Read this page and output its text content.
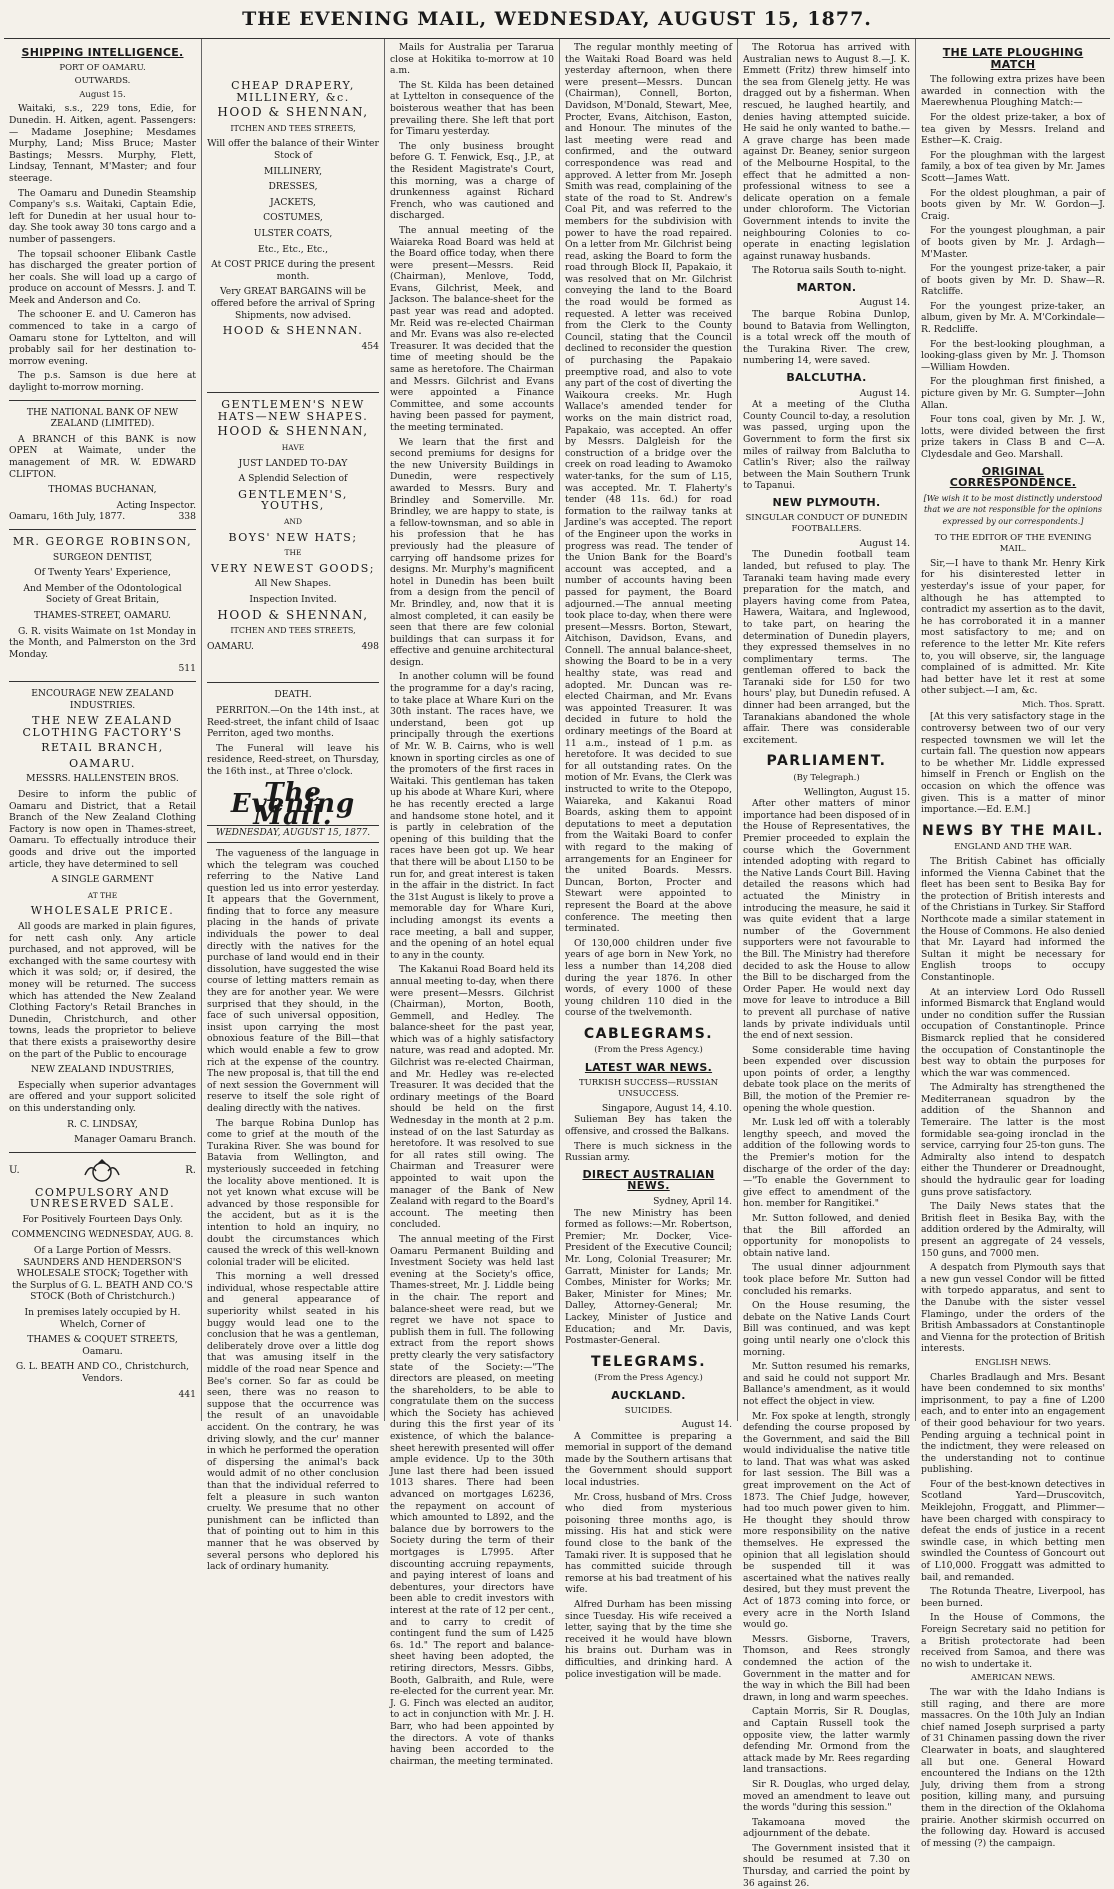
THE EVENING MAIL, WEDNESDAY, AUGUST 15, 1877.
SHIPPING INTELLIGENCE.
PORT OF OAMARU.
OUTWARDS.
August 15.

Waitaki, s.s., 229 tons, Edie, for Dunedin. H. Aitken, agent. Passengers:— Madame Josephine; Mesdames Murphy, Land; Miss Bruce; Master Bastings; Messrs. Murphy, Flett, Lindsay, Tennant, M'Master; and four steerage.

The Oamaru and Dunedin Steamship Company's s.s. Waitaki, Captain Edie, left for Dunedin at her usual hour to-day. She took away 30 tons cargo and a number of passengers.

The topsail schooner Elibank Castle has discharged the greater portion of her coals. She will load up a cargo of produce on account of Messrs. J. and T. Meek and Anderson and Co.

The schooner E. and U. Cameron has commenced to take in a cargo of Oamaru stone for Lyttelton, and will probably sail for her destination to-morrow evening.

The p.s. Samson is due here at daylight to-morrow morning.

THE NATIONAL BANK OF NEW ZEALAND (LIMITED).

A BRANCH of this BANK is now OPEN at Waimate, under the management of MR. W. EDWARD CLIFTON.

THOMAS BUCHANAN,
Acting Inspector.
Oamaru, 16th July, 1877.	338
MR. GEORGE ROBINSON,
SURGEON DENTIST,
Of Twenty Years' Experience,
And Member of the Odontological Society of Great Britain,
THAMES-STREET, OAMARU.

G. R. visits Waimate on 1st Monday in the Month, and Palmerston on the 3rd Monday.

511
ENCOURAGE NEW ZEALAND INDUSTRIES.
THE NEW ZEALAND CLOTHING FACTORY'S
RETAIL BRANCH,
OAMARU.
MESSRS. HALLENSTEIN BROS.

Desire to inform the public of Oamaru and District, that a Retail Branch of the New Zealand Clothing Factory is now open in Thames-street, Oamaru. To effectually introduce their goods and drive out the imported article, they have determined to sell

A SINGLE GARMENT
AT THE
WHOLESALE PRICE.

All goods are marked in plain figures, for nett cash only. Any article purchased, and not approved, will be exchanged with the same courtesy with which it was sold; or, if desired, the money will be returned. The success which has attended the New Zealand Clothing Factory's Retail Branches in Dunedin, Christchurch, and other towns, leads the proprietor to believe that there exists a praiseworthy desire on the part of the Public to encourage

NEW ZEALAND INDUSTRIES,

Especially when superior advantages are offered and your support solicited on this understanding only.

R. C. LINDSAY,
Manager Oamaru Branch.
U.	R.
COMPULSORY AND UNRESERVED SALE.
For Positively Fourteen Days Only.
COMMENCING WEDNESDAY, AUG. 8.
Of a Large Portion of Messrs. SAUNDERS AND HENDERSON'S WHOLESALE STOCK; Together with the Surplus of G. L. BEATH AND CO.'S STOCK (Both of Christchurch.)
In premises lately occupied by H. Whelch, Corner of
THAMES & COQUET STREETS, Oamaru.
G. L. BEATH AND CO., Christchurch, Vendors.
441
CHEAP DRAPERY, MILLINERY, &c.
HOOD & SHENNAN,
ITCHEN AND TEES STREETS,
Will offer the balance of their Winter Stock of
MILLINERY,
DRESSES,
JACKETS,
COSTUMES,
ULSTER COATS,
Etc., Etc., Etc.,
At COST PRICE during the present month.
Very GREAT BARGAINS will be offered before the arrival of Spring Shipments, now advised.
HOOD & SHENNAN.
454
GENTLEMEN'S NEW HATS—NEW SHAPES.
HOOD & SHENNAN,
HAVE
JUST LANDED TO-DAY
A Splendid Selection of
GENTLEMEN'S, YOUTHS,
AND
BOYS' NEW HATS;
THE
VERY NEWEST GOODS;
All New Shapes.
Inspection Invited.
HOOD & SHENNAN,
ITCHEN AND TEES STREETS,
OAMARU.	498
DEATH.

PERRITON.—On the 14th inst., at Reed-street, the infant child of Isaac Perriton, aged two months.

The Funeral will leave his residence, Reed-street, on Thursday, the 16th inst., at Three o'clock.

The Evening Mail.
WEDNESDAY, AUGUST 15, 1877.

The vagueness of the language in which the telegram was couched referring to the Native Land question led us into error yesterday. It appears that the Government, finding that to force any measure placing in the hands of private individuals the power to deal directly with the natives for the purchase of land would end in their dissolution, have suggested the wise course of letting matters remain as they are for another year. We were surprised that they should, in the face of such universal opposition, insist upon carrying the most obnoxious feature of the Bill—that which would enable a few to grow rich at the expense of the country. The new proposal is, that till the end of next session the Government will reserve to itself the sole right of dealing directly with the natives.

The barque Robina Dunlop has come to grief at the mouth of the Turakina River. She was bound for Batavia from Wellington, and mysteriously succeeded in fetching the locality above mentioned. It is not yet known what excuse will be advanced by those responsible for the accident, but as it is the intention to hold an inquiry, no doubt the circumstances which caused the wreck of this well-known colonial trader will be elicited.

This morning a well dressed individual, whose respectable attire and general appearance of superiority whilst seated in his buggy would lead one to the conclusion that he was a gentleman, deliberately drove over a little dog that was amusing itself in the middle of the road near Spence and Bee's corner. So far as could be seen, there was no reason to suppose that the occurrence was the result of an unavoidable accident. On the contrary, he was driving slowly, and the cur' manner in which he performed the operation of dispersing the animal's back would admit of no other conclusion than that the individual referred to felt a pleasure in such wanton cruelty. We presume that no other punishment can be inflicted than that of pointing out to him in this manner that he was observed by several persons who deplored his lack of ordinary humanity.

Mails for Australia per Tararua close at Hokitika to-morrow at 10 a.m.

The St. Kilda has been detained at Lyttelton in consequence of the boisterous weather that has been prevailing there. She left that port for Timaru yesterday.

The only business brought before G. T. Fenwick, Esq., J.P., at the Resident Magistrate's Court, this morning, was a charge of drunkenness against Richard French, who was cautioned and discharged.

The annual meeting of the Waiareka Road Board was held at the Board office today, when there were present—Messrs. Reid (Chairman), Menlove, Todd, Evans, Gilchrist, Meek, and Jackson. The balance-sheet for the past year was read and adopted. Mr. Reid was re-elected Chairman and Mr. Evans was also re-elected Treasurer. It was decided that the time of meeting should be the same as heretofore. The Chairman and Messrs. Gilchrist and Evans were appointed a Finance Committee, and some accounts having been passed for payment, the meeting terminated.

We learn that the first and second premiums for designs for the new University Buildings in Dunedin, were respectively awarded to Messrs. Bury and Brindley and Somerville. Mr. Brindley, we are happy to state, is a fellow-townsman, and so able in his profession that he has previously had the pleasure of carrying off handsome prizes for designs. Mr. Murphy's magnificent hotel in Dunedin has been built from a design from the pencil of Mr. Brindley, and, now that it is almost completed, it can easily be seen that there are few colonial buildings that can surpass it for effective and genuine architectural design.

In another column will be found the programme for a day's racing, to take place at Whare Kuri on the 30th instant. The races have, we understand, been got up principally through the exertions of Mr. W. B. Cairns, who is well known in sporting circles as one of the promoters of the first races in Waitaki. This gentleman has taken up his abode at Whare Kuri, where he has recently erected a large and handsome stone hotel, and it is partly in celebration of the opening of this building that the races have been got up. We hear that there will be about L150 to be run for, and great interest is taken in the affair in the district. In fact the 31st August is likely to prove a memorable day for Whare Kuri, including amongst its events a race meeting, a ball and supper, and the opening of an hotel equal to any in the county.

The Kakanui Road Board held its annual meeting to-day, when there were present—Messrs. Gilchrist (Chairman), Morton, Booth, Gemmell, and Hedley. The balance-sheet for the past year, which was of a highly satisfactory nature, was read and adopted. Mr. Gilchrist was re-elected Chairman, and Mr. Hedley was re-elected Treasurer. It was decided that the ordinary meetings of the Board should be held on the first Wednesday in the month at 2 p.m. instead of on the last Saturday as heretofore. It was resolved to sue for all rates still owing. The Chairman and Treasurer were appointed to wait upon the manager of the Bank of New Zealand with regard to the Board's account. The meeting then concluded.

The annual meeting of the First Oamaru Permanent Building and Investment Society was held last evening at the Society's office, Thames-street, Mr. J. Liddle being in the chair. The report and balance-sheet were read, but we regret we have not space to publish them in full. The following extract from the report shows pretty clearly the very satisfactory state of the Society:—"The directors are pleased, on meeting the shareholders, to be able to congratulate them on the success which the Society has achieved during this the first year of its existence, of which the balance-sheet herewith presented will offer ample evidence. Up to the 30th June last there had been issued 1013 shares. There had been advanced on mortgages L6236, the repayment on account of which amounted to L892, and the balance due by borrowers to the Society during the term of their mortgages is L7995. After discounting accruing repayments, and paying interest of loans and debentures, your directors have been able to credit investors with interest at the rate of 12 per cent., and to carry to credit of contingent fund the sum of L425 6s. 1d." The report and balance-sheet having been adopted, the retiring directors, Messrs. Gibbs, Booth, Galbraith, and Rule, were re-elected for the current year. Mr. J. G. Finch was elected an auditor, to act in conjunction with Mr. J. H. Barr, who had been appointed by the directors. A vote of thanks having been accorded to the chairman, the meeting terminated.

The regular monthly meeting of the Waitaki Road Board was held yesterday afternoon, when there were present—Messrs. Duncan (Chairman), Connell, Borton, Davidson, M'Donald, Stewart, Mee, Procter, Evans, Aitchison, Easton, and Honour. The minutes of the last meeting were read and confirmed, and the outward correspondence was read and approved. A letter from Mr. Joseph Smith was read, complaining of the state of the road to St. Andrew's Coal Pit, and was referred to the members for the subdivision with power to have the road repaired. On a letter from Mr. Gilchrist being read, asking the Board to form the road through Block II, Papakaio, it was resolved that on Mr. Gilchrist conveying the land to the Board the road would be formed as requested. A letter was received from the Clerk to the County Council, stating that the Council declined to reconsider the question of purchasing the Papakaio preemptive road, and also to vote any part of the cost of diverting the Waikoura creeks. Mr. Hugh Wallace's amended tender for works on the main district road, Papakaio, was accepted. An offer by Messrs. Dalgleish for the construction of a bridge over the creek on road leading to Awamoko water-tanks, for the sum of L15, was accepted. Mr. T. Flaherty's tender (48 11s. 6d.) for road formation to the railway tanks at Jardine's was accepted. The report of the Engineer upon the works in progress was read. The tender of the Union Bank for the Board's account was accepted, and a number of accounts having been passed for payment, the Board adjourned.—The annual meeting took place to-day, when there were present—Messrs. Borton, Stewart, Aitchison, Davidson, Evans, and Connell. The annual balance-sheet, showing the Board to be in a very healthy state, was read and adopted. Mr. Duncan was re-elected Chairman, and Mr. Evans was appointed Treasurer. It was decided in future to hold the ordinary meetings of the Board at 11 a.m., instead of 1 p.m. as heretofore. It was decided to sue for all outstanding rates. On the motion of Mr. Evans, the Clerk was instructed to write to the Otepopo, Waiareka, and Kakanui Road Boards, asking them to appoint deputations to meet a deputation from the Waitaki Board to confer with regard to the making of arrangements for an Engineer for the united Boards. Messrs. Duncan, Borton, Procter and Stewart were appointed to represent the Board at the above conference. The meeting then terminated.

Of 130,000 children under five years of age born in New York, no less a number than 14,208 died during the year 1876. In other words, of every 1000 of these young children 110 died in the course of the twelvemonth.

CABLEGRAMS.
(From the Press Agency.)
LATEST WAR NEWS.
TURKISH SUCCESS—RUSSIAN UNSUCCESS.
Singapore, August 14, 4.10.

Sulieman Bey has taken the offensive, and crossed the Balkans.

There is much sickness in the Russian army.

DIRECT AUSTRALIAN NEWS.
Sydney, April 14.

The new Ministry has been formed as follows:—Mr. Robertson, Premier; Mr. Docker, Vice-President of the Executive Council; Mr. Long, Colonial Treasurer; Mr. Garratt, Minister for Lands; Mr. Combes, Minister for Works; Mr. Baker, Minister for Mines; Mr. Dalley, Attorney-General; Mr. Lackey, Minister of Justice and Education; and Mr. Davis, Postmaster-General.

TELEGRAMS.
(From the Press Agency.)
AUCKLAND.
SUICIDES.
August 14.

A Committee is preparing a memorial in support of the demand made by the Southern artisans that the Government should support local industries.

Mr. Cross, husband of Mrs. Cross who died from mysterious poisoning three months ago, is missing. His hat and stick were found close to the bank of the Tamaki river. It is supposed that he has committed suicide through remorse at his bad treatment of his wife.

Alfred Durham has been missing since Tuesday. His wife received a letter, saying that by the time she received it he would have blown his brains out. Durham was in difficulties, and drinking hard. A police investigation will be made.

The Rotorua has arrived with Australian news to August 8.—J. K. Emmett (Fritz) threw himself into the sea from Glenelg jetty. He was dragged out by a fisherman. When rescued, he laughed heartily, and denies having attempted suicide. He said he only wanted to bathe.—A grave charge has been made against Dr. Beaney, senior surgeon of the Melbourne Hospital, to the effect that he admitted a non-professional witness to see a delicate operation on a female under chloroform. The Victorian Government intends to invite the neighbouring Colonies to co-operate in enacting legislation against runaway husbands.

The Rotorua sails South to-night.

MARTON.
August 14.

The barque Robina Dunlop, bound to Batavia from Wellington, is a total wreck off the mouth of the Turakina River. The crew, numbering 14, were saved.

BALCLUTHA.
August 14.

At a meeting of the Clutha County Council to-day, a resolution was passed, urging upon the Government to form the first six miles of railway from Balclutha to Catlin's River; also the railway between the Main Southern Trunk to Tapanui.

NEW PLYMOUTH.
SINGULAR CONDUCT OF DUNEDIN FOOTBALLERS.
August 14.

The Dunedin football team landed, but refused to play. The Taranaki team having made every preparation for the match, and players having come from Patea, Hawera, Waitara, and Inglewood, to take part, on hearing the determination of Dunedin players, they expressed themselves in no complimentary terms. The gentleman offered to back the Taranaki side for L50 for two hours' play, but Dunedin refused. A dinner had been arranged, but the Taranakians abandoned the whole affair. There was considerable excitement.

PARLIAMENT.
(By Telegraph.)
Wellington, August 15.

After other matters of minor importance had been disposed of in the House of Representatives, the Premier proceeded to explain the course which the Government intended adopting with regard to the Native Lands Court Bill. Having detailed the reasons which had actuated the Ministry in introducing the measure, he said it was quite evident that a large number of the Government supporters were not favourable to the Bill. The Ministry had therefore decided to ask the House to allow the Bill to be discharged from the Order Paper. He would next day move for leave to introduce a Bill to prevent all purchase of native lands by private individuals until the end of next session.

Some considerable time having been expended over discussion upon points of order, a lengthy debate took place on the merits of Bill, the motion of the Premier re-opening the whole question.

Mr. Lusk led off with a tolerably lengthy speech, and moved the addition of the following words to the Premier's motion for the discharge of the order of the day:—"To enable the Government to give effect to amendment of the hon. member for Rangitikei."

Mr. Sutton followed, and denied that the Bill afforded an opportunity for monopolists to obtain native land.

The usual dinner adjournment took place before Mr. Sutton had concluded his remarks.

On the House resuming, the debate on the Native Lands Court Bill was continued, and was kept going until nearly one o'clock this morning.

Mr. Sutton resumed his remarks, and said he could not support Mr. Ballance's amendment, as it would not effect the object in view.

Mr. Fox spoke at length, strongly defending the course proposed by the Government, and said the Bill would individualise the native title to land. That was what was asked for last session. The Bill was a great improvement on the Act of 1873. The Chief Judge, however, had too much power given to him. He thought they should throw more responsibility on the native themselves. He expressed the opinion that all legislation should be suspended till it was ascertained what the natives really desired, but they must prevent the Act of 1873 coming into force, or every acre in the North Island would go.

Messrs. Gisborne, Travers, Thomson, and Rees strongly condemned the action of the Government in the matter and for the way in which the Bill had been drawn, in long and warm speeches.

Captain Morris, Sir R. Douglas, and Captain Russell took the opposite view, the latter warmly defending Mr. Ormond from the attack made by Mr. Rees regarding land transactions.

Sir R. Douglas, who urged delay, moved an amendment to leave out the words "during this session."

Takamoana moved the adjournment of the debate.

The Government insisted that it should be resumed at 7.30 on Thursday, and carried the point by 36 against 26.

THE LATE PLOUGHING MATCH

The following extra prizes have been awarded in connection with the Maerewhenua Ploughing Match:—

For the oldest prize-taker, a box of tea given by Messrs. Ireland and Esther—K. Craig.

For the ploughman with the largest family, a box of tea given by Mr. James Scott—James Watt.

For the oldest ploughman, a pair of boots given by Mr. W. Gordon—J. Craig.

For the youngest ploughman, a pair of boots given by Mr. J. Ardagh—M'Master.

For the youngest prize-taker, a pair of boots given by Mr. D. Shaw—R. Ratcliffe.

For the youngest prize-taker, an album, given by Mr. A. M'Corkindale—R. Redcliffe.

For the best-looking ploughman, a looking-glass given by Mr. J. Thomson—William Howden.

For the ploughman first finished, a picture given by Mr. G. Sumpter—John Allan.

Four tons coal, given by Mr. J. W., lotts, were divided between the first prize takers in Class B and C—A. Clydesdale and Geo. Marshall.

ORIGINAL CORRESPONDENCE.
[We wish it to be most distinctly understood that we are not responsible for the opinions expressed by our correspondents.]
TO THE EDITOR OF THE EVENING MAIL.

Sir,—I have to thank Mr. Henry Kirk for his disinterested letter in yesterday's issue of your paper, for although he has attempted to contradict my assertion as to the davit, he has corroborated it in a manner most satisfactory to me; and on reference to the letter Mr. Kite refers to, you will observe, sir, the language complained of is admitted. Mr. Kite had better have let it rest at some other subject.—I am, &c.

Mich. Thos. Spratt.

[At this very satisfactory stage in the controversy between two of our very respected townsmen we will let the curtain fall. The question now appears to be whether Mr. Liddle expressed himself in French or English on the occasion on which the offence was given. This is a matter of minor importance.—Ed. E.M.]

NEWS BY THE MAIL.
ENGLAND AND THE WAR.

The British Cabinet has officially informed the Vienna Cabinet that the fleet has been sent to Besika Bay for the protection of British interests and of the Christians in Turkey. Sir Stafford Northcote made a similar statement in the House of Commons. He also denied that Mr. Layard had informed the Sultan it might be necessary for English troops to occupy Constantinople.

At an interview Lord Odo Russell informed Bismarck that England would under no condition suffer the Russian occupation of Constantinople. Prince Bismarck replied that he considered the occupation of Constantinople the best way to obtain the purposes for which the war was commenced.

The Admiralty has strengthened the Mediterranean squadron by the addition of the Shannon and Temeraire. The latter is the most formidable sea-going ironclad in the service, carrying four 25-ton guns. The Admiralty also intend to despatch either the Thunderer or Dreadnought, should the hydraulic gear for loading guns prove satisfactory.

The Daily News states that the British fleet in Besika Bay, with the addition ordered by the Admiralty, will present an aggregate of 24 vessels, 150 guns, and 7000 men.

A despatch from Plymouth says that a new gun vessel Condor will be fitted with torpedo apparatus, and sent to the Danube with the sister vessel Flamingo, under the orders of the British Ambassadors at Constantinople and Vienna for the protection of British interests.

ENGLISH NEWS.

Charles Bradlaugh and Mrs. Besant have been condemned to six months' imprisonment, to pay a fine of L200 each, and to enter into an engagement of their good behaviour for two years. Pending arguing a technical point in the indictment, they were released on the understanding not to continue publishing.

Four of the best-known detectives in Scotland Yard—Druscovitch, Meiklejohn, Froggatt, and Plimmer—have been charged with conspiracy to defeat the ends of justice in a recent swindle case, in which betting men swindled the Countess of Goncourt out of L10,000. Froggatt was admitted to bail, and remanded.

The Rotunda Theatre, Liverpool, has been burned.

In the House of Commons, the Foreign Secretary said no petition for a British protectorate had been received from Samoa, and there was no wish to undertake it.

AMERICAN NEWS.

The war with the Idaho Indians is still raging, and there are more massacres. On the 10th July an Indian chief named Joseph surprised a party of 31 Chinamen passing down the river Clearwater in boats, and slaughtered all but one. General Howard encountered the Indians on the 12th July, driving them from a strong position, killing many, and pursuing them in the direction of the Oklahoma prairie. Another skirmish occurred on the following day. Howard is accused of messing (?) the campaign.
